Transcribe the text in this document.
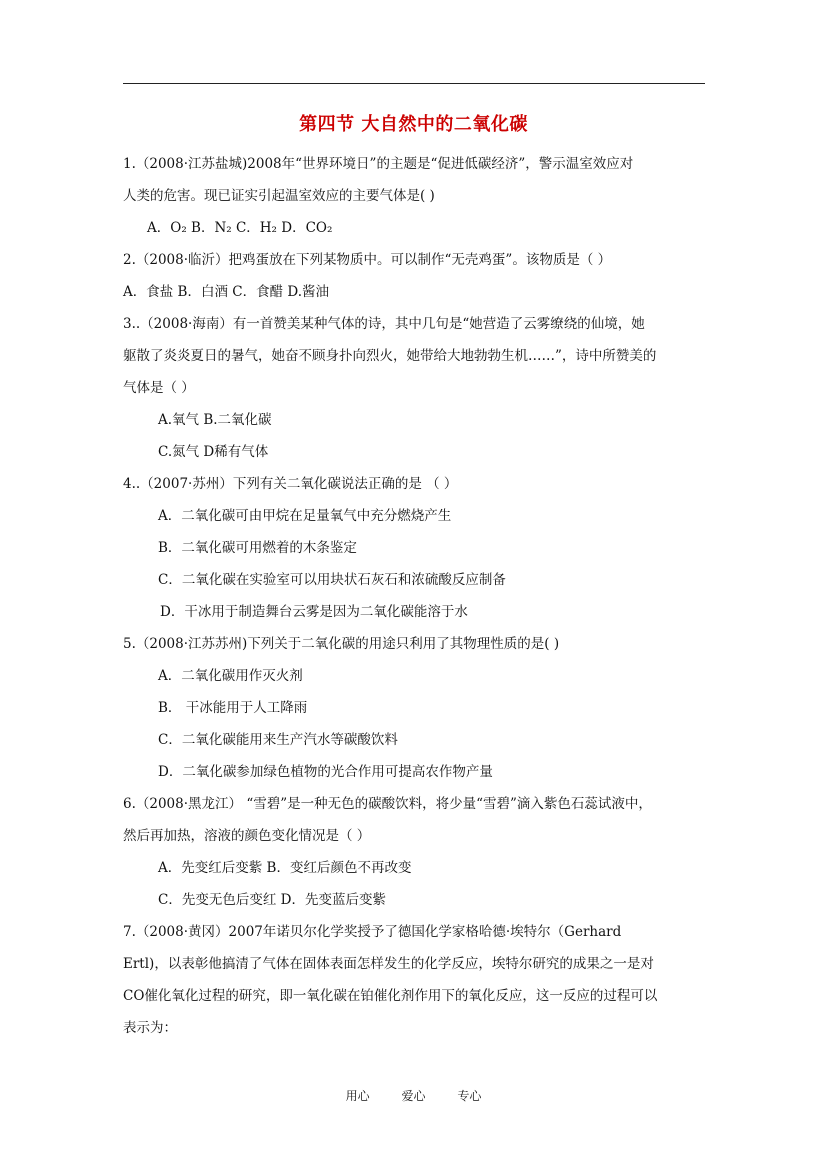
第四节 大自然中的二氧化碳
1.（2008·江苏盐城)2008年“世界环境日”的主题是“促进低碳经济”，警示温室效应对
人类的危害。现已证实引起温室效应的主要气体是( )
A．O₂ B．N₂ C．H₂ D．CO₂
2.（2008·临沂）把鸡蛋放在下列某物质中。可以制作“无壳鸡蛋”。该物质是（ ）
A．食盐 B．白酒 C．食醋 D.酱油
3..（2008·海南）有一首赞美某种气体的诗，其中几句是“她营造了云雾缭绕的仙境，她
躯散了炎炎夏日的暑气，她奋不顾身扑向烈火，她带给大地勃勃生机……”，诗中所赞美的
气体是（ ）
A.氧气 B.二氧化碳
C.氮气 D稀有气体
4..（2007·苏州）下列有关二氧化碳说法正确的是 （ ）
A．二氧化碳可由甲烷在足量氧气中充分燃烧产生
B．二氧化碳可用燃着的木条鉴定
C．二氧化碳在实验室可以用块状石灰石和浓硫酸反应制备
D．干冰用于制造舞台云雾是因为二氧化碳能溶于水
5.（2008·江苏苏州)下列关于二氧化碳的用途只利用了其物理性质的是( )
A．二氧化碳用作灭火剂
B． 干冰能用于人工降雨
C．二氧化碳能用来生产汽水等碳酸饮料
D．二氧化碳参加绿色植物的光合作用可提高农作物产量
6.（2008·黑龙江） “雪碧”是一种无色的碳酸饮料，将少量“雪碧”滴入紫色石蕊试液中，
然后再加热，溶液的颜色变化情况是（ ）
A．先变红后变紫 B．变红后颜色不再改变
C．先变无色后变红 D．先变蓝后变紫
7.（2008·黄冈）2007年诺贝尔化学奖授予了德国化学家格哈德·埃特尔（Gerhard
Ertl)，以表彰他搞清了气体在固体表面怎样发生的化学反应，埃特尔研究的成果之一是对
CO催化氧化过程的研究，即一氧化碳在铂催化剂作用下的氧化反应，这一反应的过程可以
表示为：
用心	爱心	专心
